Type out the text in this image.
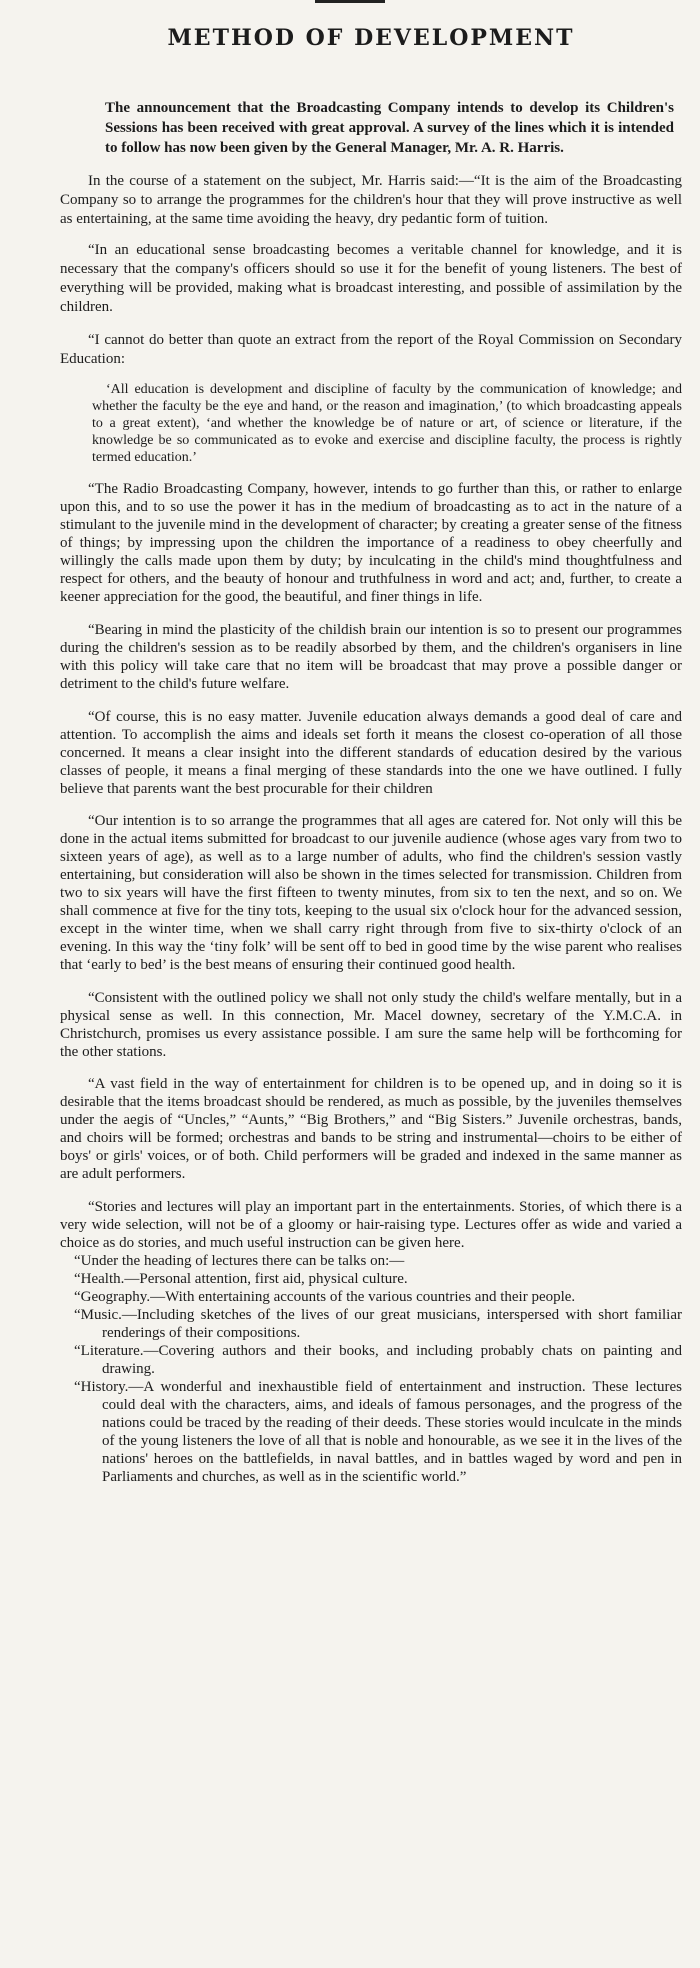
METHOD OF DEVELOPMENT

The announcement that the Broadcasting Company intends to develop its Children's Sessions has been received with great approval. A survey of the lines which it is intended to follow has now been given by the General Manager, Mr. A. R. Harris.

In the course of a statement on the subject, Mr. Harris said:—“It is the aim of the Broadcasting Company so to arrange the programmes for the children's hour that they will prove instructive as well as entertaining, at the same time avoiding the heavy, dry pedantic form of tuition.

“In an educational sense broadcasting becomes a veritable channel for knowledge, and it is necessary that the company's officers should so use it for the benefit of young listeners. The best of everything will be provided, making what is broadcast interesting, and possible of assimilation by the children.

“I cannot do better than quote an extract from the report of the Royal Commission on Secondary Education:

‘All education is development and discipline of faculty by the communication of knowledge; and whether the faculty be the eye and hand, or the reason and imagination,’ (to which broadcasting appeals to a great extent), ‘and whether the knowledge be of nature or art, of science or literature, if the knowledge be so communicated as to evoke and exercise and discipline faculty, the process is rightly termed education.’

“The Radio Broadcasting Company, however, intends to go further than this, or rather to enlarge upon this, and to so use the power it has in the medium of broadcasting as to act in the nature of a stimulant to the juvenile mind in the development of character; by creating a greater sense of the fitness of things; by impressing upon the children the importance of a readiness to obey cheerfully and willingly the calls made upon them by duty; by inculcating in the child's mind thoughtfulness and respect for others, and the beauty of honour and truthfulness in word and act; and, further, to create a keener appreciation for the good, the beautiful, and finer things in life.

“Bearing in mind the plasticity of the childish brain our intention is so to present our programmes during the children's session as to be readily absorbed by them, and the children's organisers in line with this policy will take care that no item will be broadcast that may prove a possible danger or detriment to the child's future welfare.

“Of course, this is no easy matter. Juvenile education always demands a good deal of care and attention. To accomplish the aims and ideals set forth it means the closest co-operation of all those concerned. It means a clear insight into the different standards of education desired by the various classes of people, it means a final merging of these standards into the one we have outlined. I fully believe that parents want the best procurable for their children

“Our intention is to so arrange the programmes that all ages are catered for. Not only will this be done in the actual items submitted for broadcast to our juvenile audience (whose ages vary from two to sixteen years of age), as well as to a large number of adults, who find the children's session vastly entertaining, but consideration will also be shown in the times selected for transmission. Children from two to six years will have the first fifteen to twenty minutes, from six to ten the next, and so on. We shall commence at five for the tiny tots, keeping to the usual six o'clock hour for the advanced session, except in the winter time, when we shall carry right through from five to six-thirty o'clock of an evening. In this way the ‘tiny folk’ will be sent off to bed in good time by the wise parent who realises that ‘early to bed’ is the best means of ensuring their continued good health.

“Consistent with the outlined policy we shall not only study the child's welfare mentally, but in a physical sense as well. In this connection, Mr. Macel downey, secretary of the Y.M.C.A. in Christchurch, promises us every assistance possible. I am sure the same help will be forthcoming for the other stations.

“A vast field in the way of entertainment for children is to be opened up, and in doing so it is desirable that the items broadcast should be rendered, as much as possible, by the juveniles themselves under the aegis of “Uncles,” “Aunts,” “Big Brothers,” and “Big Sisters.” Juvenile orchestras, bands, and choirs will be formed; orchestras and bands to be string and instrumental—choirs to be either of boys' or girls' voices, or of both. Child performers will be graded and indexed in the same manner as are adult performers.

“Stories and lectures will play an important part in the entertainments. Stories, of which there is a very wide selection, will not be of a gloomy or hair-raising type. Lectures offer as wide and varied a choice as do stories, and much useful instruction can be given here.

“Under the heading of lectures there can be talks on:—
“Health.—Personal attention, first aid, physical culture.
“Geography.—With entertaining accounts of the various countries and their people.
“Music.—Including sketches of the lives of our great musicians, interspersed with short familiar renderings of their compositions.
“Literature.—Covering authors and their books, and including probably chats on painting and drawing.
“History.—A wonderful and inexhaustible field of entertainment and instruction. These lectures could deal with the characters, aims, and ideals of famous personages, and the progress of the nations could be traced by the reading of their deeds. These stories would inculcate in the minds of the young listeners the love of all that is noble and honourable, as we see it in the lives of the nations' heroes on the battlefields, in naval battles, and in battles waged by word and pen in Parliaments and churches, as well as in the scientific world.”
